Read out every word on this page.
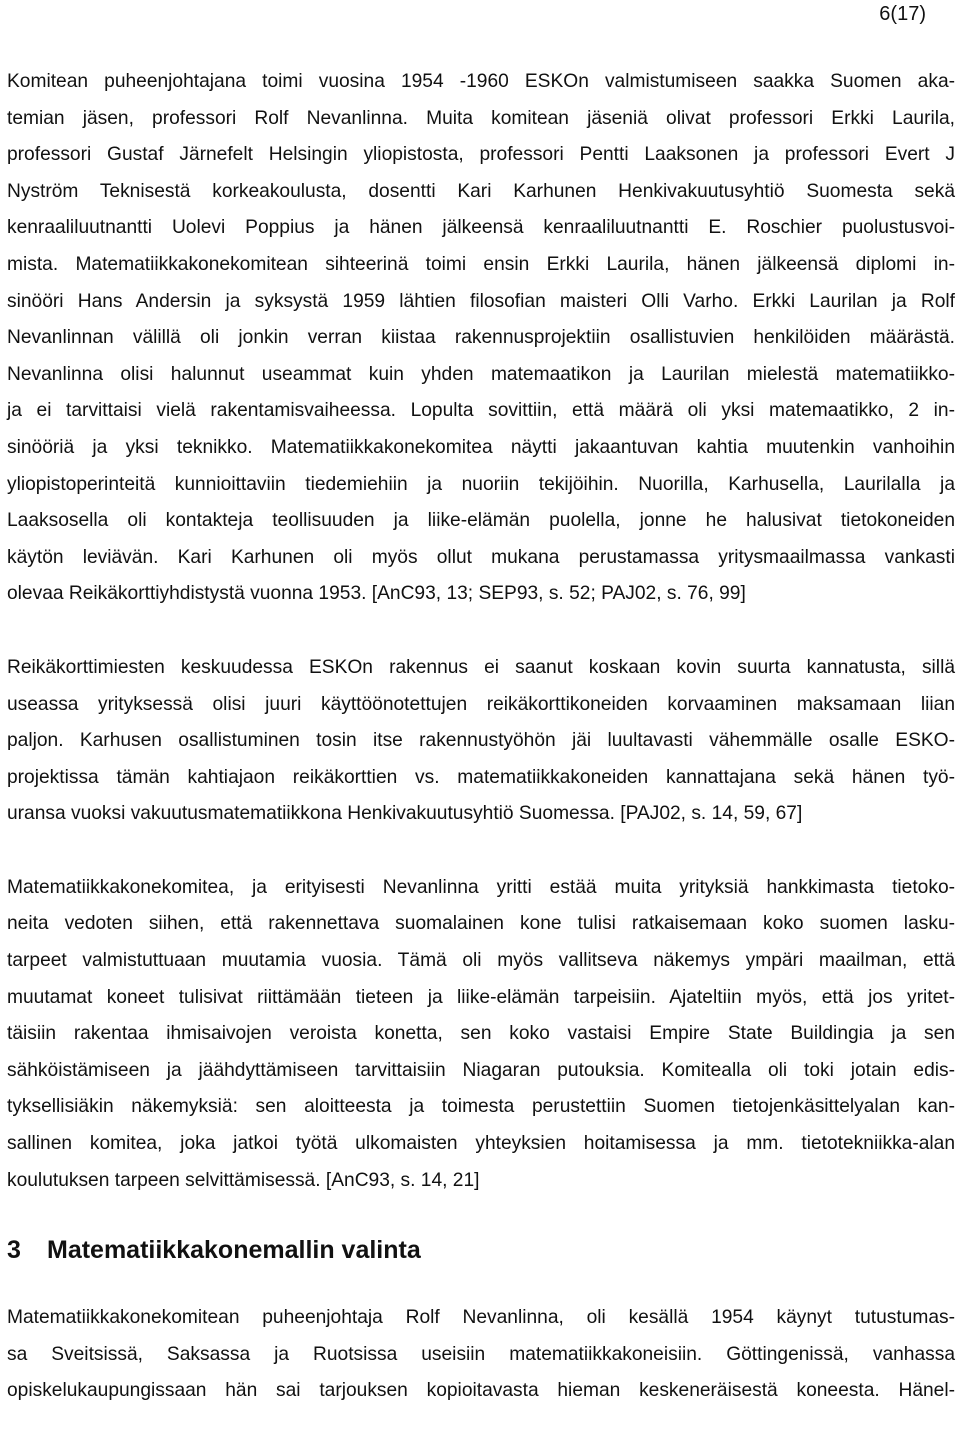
6(17)
Komitean puheenjohtajana toimi vuosina 1954 -1960 ESKOn valmistumiseen saakka Suomen aka-
temian jäsen, professori Rolf Nevanlinna. Muita komitean jäseniä olivat professori Erkki Laurila,
professori Gustaf Järnefelt Helsingin yliopistosta, professori Pentti Laaksonen ja professori Evert J
Nyström Teknisestä korkeakoulusta, dosentti Kari Karhunen Henkivakuutusyhtiö Suomesta sekä
kenraaliluutnantti Uolevi Poppius ja hänen jälkeensä kenraaliluutnantti E. Roschier puolustusvoi-
mista. Matematiikkakonekomitean sihteerinä toimi ensin Erkki Laurila, hänen jälkeensä diplomi in-
sinööri Hans Andersin ja syksystä 1959 lähtien filosofian maisteri Olli Varho. Erkki Laurilan ja Rolf
Nevanlinnan välillä oli jonkin verran kiistaa rakennusprojektiin osallistuvien henkilöiden määrästä.
Nevanlinna olisi halunnut useammat kuin yhden matemaatikon ja Laurilan mielestä matematiikko-
ja ei tarvittaisi vielä rakentamisvaiheessa. Lopulta sovittiin, että määrä oli yksi matemaatikko, 2 in-
sinööriä ja yksi teknikko. Matematiikkakonekomitea näytti jakaantuvan kahtia muutenkin vanhoihin
yliopistoperinteitä kunnioittaviin tiedemiehiin ja nuoriin tekijöihin. Nuorilla, Karhusella, Laurilalla ja
Laaksosella oli kontakteja teollisuuden ja liike-elämän puolella, jonne he halusivat tietokoneiden
käytön leviävän. Kari Karhunen oli myös ollut mukana perustamassa yritysmaailmassa vankasti
olevaa Reikäkorttiyhdistystä vuonna 1953. [AnC93, 13; SEP93, s. 52; PAJ02, s. 76, 99]
Reikäkorttimiesten keskuudessa ESKOn rakennus ei saanut koskaan kovin suurta kannatusta, sillä
useassa yrityksessä olisi juuri käyttöönotettujen reikäkorttikoneiden korvaaminen maksamaan liian
paljon. Karhusen osallistuminen tosin itse rakennustyöhön jäi luultavasti vähemmälle osalle ESKO-
projektissa tämän kahtiajaon reikäkorttien vs. matematiikkakoneiden kannattajana sekä hänen työ-
uransa vuoksi vakuutusmatematiikkona Henkivakuutusyhtiö Suomessa. [PAJ02, s. 14, 59, 67]
Matematiikkakonekomitea, ja erityisesti Nevanlinna yritti estää muita yrityksiä hankkimasta tietoko-
neita vedoten siihen, että rakennettava suomalainen kone tulisi ratkaisemaan koko suomen lasku-
tarpeet valmistuttuaan muutamia vuosia. Tämä oli myös vallitseva näkemys ympäri maailman, että
muutamat koneet tulisivat riittämään tieteen ja liike-elämän tarpeisiin. Ajateltiin myös, että jos yritet-
täisiin rakentaa ihmisaivojen veroista konetta, sen koko vastaisi Empire State Buildingia ja sen
sähköistämiseen ja jäähdyttämiseen tarvittaisiin Niagaran putouksia. Komitealla oli toki jotain edis-
tyksellisiäkin näkemyksiä: sen aloitteesta ja toimesta perustettiin Suomen tietojenkäsittelyalan kan-
sallinen komitea, joka jatkoi työtä ulkomaisten yhteyksien hoitamisessa ja mm. tietotekniikka-alan
koulutuksen tarpeen selvittämisessä. [AnC93, s. 14, 21]
3	Matematiikkakonemallin valinta
Matematiikkakonekomitean puheenjohtaja Rolf Nevanlinna, oli kesällä 1954 käynyt tutustumas-
sa Sveitsissä, Saksassa ja Ruotsissa useisiin matematiikkakoneisiin. Göttingenissä, vanhassa
opiskelukaupungissaan hän sai tarjouksen kopioitavasta hieman keskeneräisestä koneesta. Hänel-
